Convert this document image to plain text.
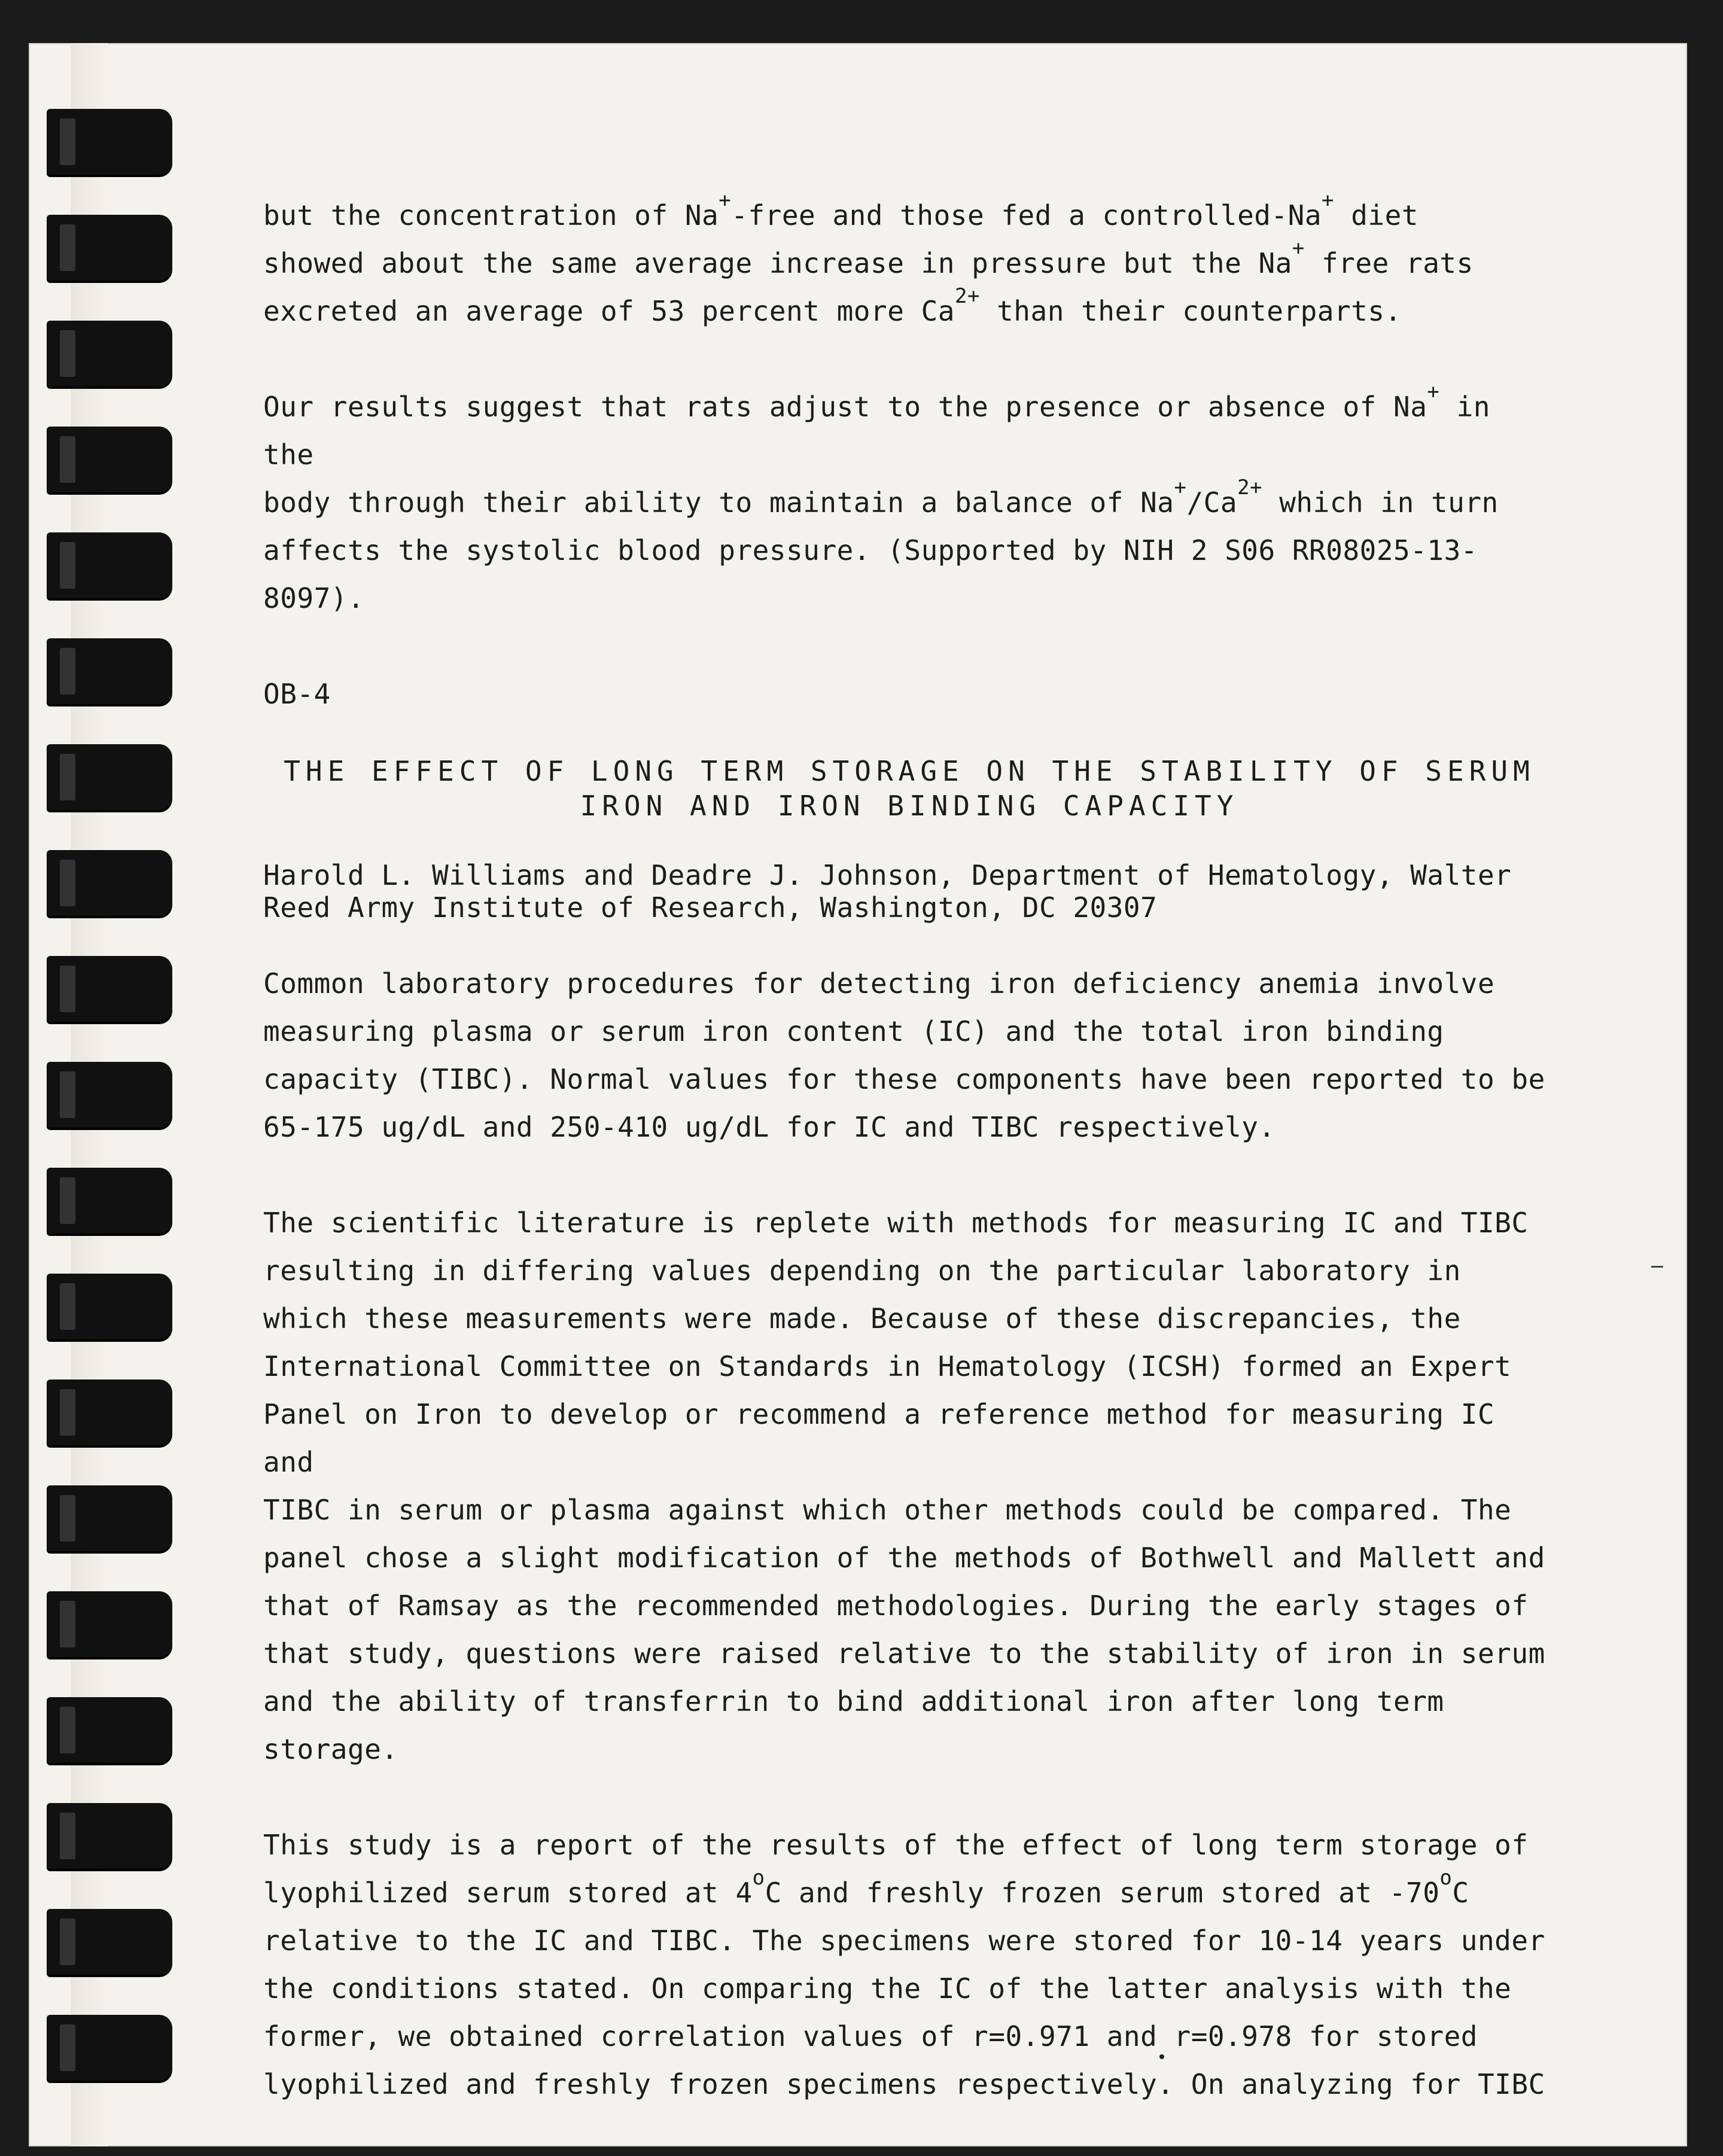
but the concentration of Na+-free and those fed a controlled-Na+ diet
showed about the same average increase in pressure but the Na+ free rats
excreted an average of 53 percent more $Ca^{2+}$ than their counterparts.
Our results suggest that rats adjust to the presence or absence of Na+ in the
body through their ability to maintain a balance of $Na^+/Ca^{2+}$ which in turn
affects the systolic blood pressure. (Supported by NIH 2 S06 RR08025-13-8097).
OB-4
THE EFFECT OF LONG TERM STORAGE ON THE STABILITY OF SERUM
IRON AND IRON BINDING CAPACITY
Harold L. Williams and Deadre J. Johnson, Department of Hematology, Walter
Reed Army Institute of Research, Washington, DC 20307
Common laboratory procedures for detecting iron deficiency anemia involve
measuring plasma or serum iron content (IC) and the total iron binding
capacity (TIBC). Normal values for these components have been reported to be
65-175 ug/dL and 250-410 ug/dL for IC and TIBC respectively.
The scientific literature is replete with methods for measuring IC and TIBC
resulting in differing values depending on the particular laboratory in
which these measurements were made. Because of these discrepancies, the
International Committee on Standards in Hematology (ICSH) formed an Expert
Panel on Iron to develop or recommend a reference method for measuring IC and
TIBC in serum or plasma against which other methods could be compared. The
panel chose a slight modification of the methods of Bothwell and Mallett and
that of Ramsay as the recommended methodologies. During the early stages of
that study, questions were raised relative to the stability of iron in serum
and the ability of transferrin to bind additional iron after long term storage.
This study is a report of the results of the effect of long term storage of
lyophilized serum stored at 4$^o$C and freshly frozen serum stored at -70$^o$C
relative to the IC and TIBC. The specimens were stored for 10-14 years under
the conditions stated. On comparing the IC of the latter analysis with the
former, we obtained correlation values of r=0.971 and r=0.978 for stored
lyophilized and freshly frozen specimens respectively. On analyzing for TIBC
